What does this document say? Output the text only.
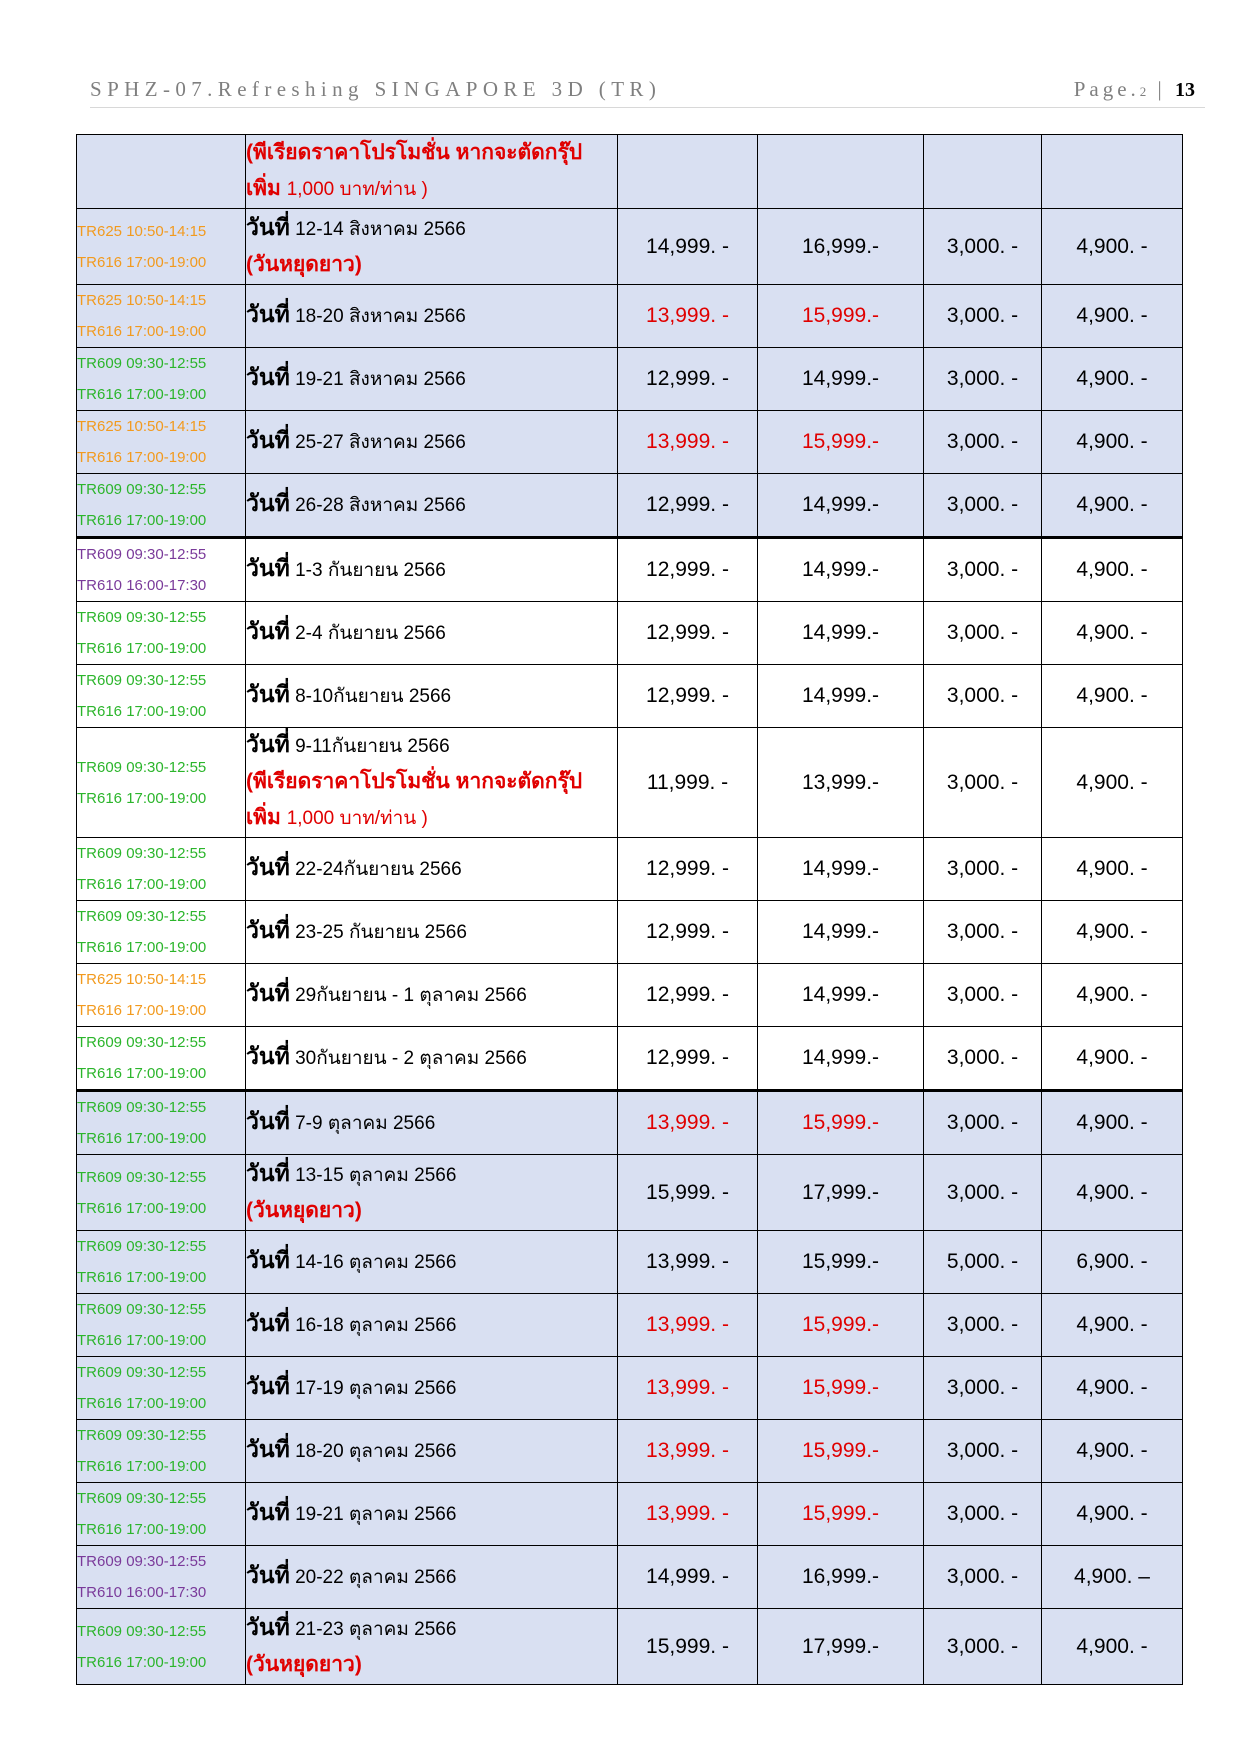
SPHZ-07.Refreshing SINGAPORE 3D (TR)	Page.2 | 13

	(พีเรียดราคาโปรโมชั่น หากจะตัดกรุ๊ป
เพิ่ม 1,000 บาท/ท่าน )				

TR625 10:50-14:15
TR616 17:00-19:00	วันที่ 12-14 สิงหาคม 2566
(วันหยุดยาว)	14,999. -	16,999.-	3,000. -	4,900. -

TR625 10:50-14:15
TR616 17:00-19:00	วันที่ 18-20 สิงหาคม 2566	13,999. -	15,999.-	3,000. -	4,900. -

TR609 09:30-12:55
TR616 17:00-19:00	วันที่ 19-21 สิงหาคม 2566	12,999. -	14,999.-	3,000. -	4,900. -

TR625 10:50-14:15
TR616 17:00-19:00	วันที่ 25-27 สิงหาคม 2566	13,999. -	15,999.-	3,000. -	4,900. -

TR609 09:30-12:55
TR616 17:00-19:00	วันที่ 26-28 สิงหาคม 2566	12,999. -	14,999.-	3,000. -	4,900. -

TR609 09:30-12:55
TR610 16:00-17:30	วันที่ 1-3 กันยายน 2566	12,999. -	14,999.-	3,000. -	4,900. -

TR609 09:30-12:55
TR616 17:00-19:00	วันที่ 2-4 กันยายน 2566	12,999. -	14,999.-	3,000. -	4,900. -

TR609 09:30-12:55
TR616 17:00-19:00	วันที่ 8-10กันยายน 2566	12,999. -	14,999.-	3,000. -	4,900. -

TR609 09:30-12:55
TR616 17:00-19:00	วันที่ 9-11กันยายน 2566
(พีเรียดราคาโปรโมชั่น หากจะตัดกรุ๊ป
เพิ่ม 1,000 บาท/ท่าน )	11,999. -	13,999.-	3,000. -	4,900. -

TR609 09:30-12:55
TR616 17:00-19:00	วันที่ 22-24กันยายน 2566	12,999. -	14,999.-	3,000. -	4,900. -

TR609 09:30-12:55
TR616 17:00-19:00	วันที่ 23-25 กันยายน 2566	12,999. -	14,999.-	3,000. -	4,900. -

TR625 10:50-14:15
TR616 17:00-19:00	วันที่ 29กันยายน - 1 ตุลาคม 2566	12,999. -	14,999.-	3,000. -	4,900. -

TR609 09:30-12:55
TR616 17:00-19:00	วันที่ 30กันยายน - 2 ตุลาคม 2566	12,999. -	14,999.-	3,000. -	4,900. -

TR609 09:30-12:55
TR616 17:00-19:00	วันที่ 7-9 ตุลาคม 2566	13,999. -	15,999.-	3,000. -	4,900. -

TR609 09:30-12:55
TR616 17:00-19:00	วันที่ 13-15 ตุลาคม 2566
(วันหยุดยาว)	15,999. -	17,999.-	3,000. -	4,900. -

TR609 09:30-12:55
TR616 17:00-19:00	วันที่ 14-16 ตุลาคม 2566	13,999. -	15,999.-	5,000. -	6,900. -

TR609 09:30-12:55
TR616 17:00-19:00	วันที่ 16-18 ตุลาคม 2566	13,999. -	15,999.-	3,000. -	4,900. -

TR609 09:30-12:55
TR616 17:00-19:00	วันที่ 17-19 ตุลาคม 2566	13,999. -	15,999.-	3,000. -	4,900. -

TR609 09:30-12:55
TR616 17:00-19:00	วันที่ 18-20 ตุลาคม 2566	13,999. -	15,999.-	3,000. -	4,900. -

TR609 09:30-12:55
TR616 17:00-19:00	วันที่ 19-21 ตุลาคม 2566	13,999. -	15,999.-	3,000. -	4,900. -

TR609 09:30-12:55
TR610 16:00-17:30	วันที่ 20-22 ตุลาคม 2566	14,999. -	16,999.-	3,000. -	4,900. –

TR609 09:30-12:55
TR616 17:00-19:00	วันที่ 21-23 ตุลาคม 2566
(วันหยุดยาว)	15,999. -	17,999.-	3,000. -	4,900. -
